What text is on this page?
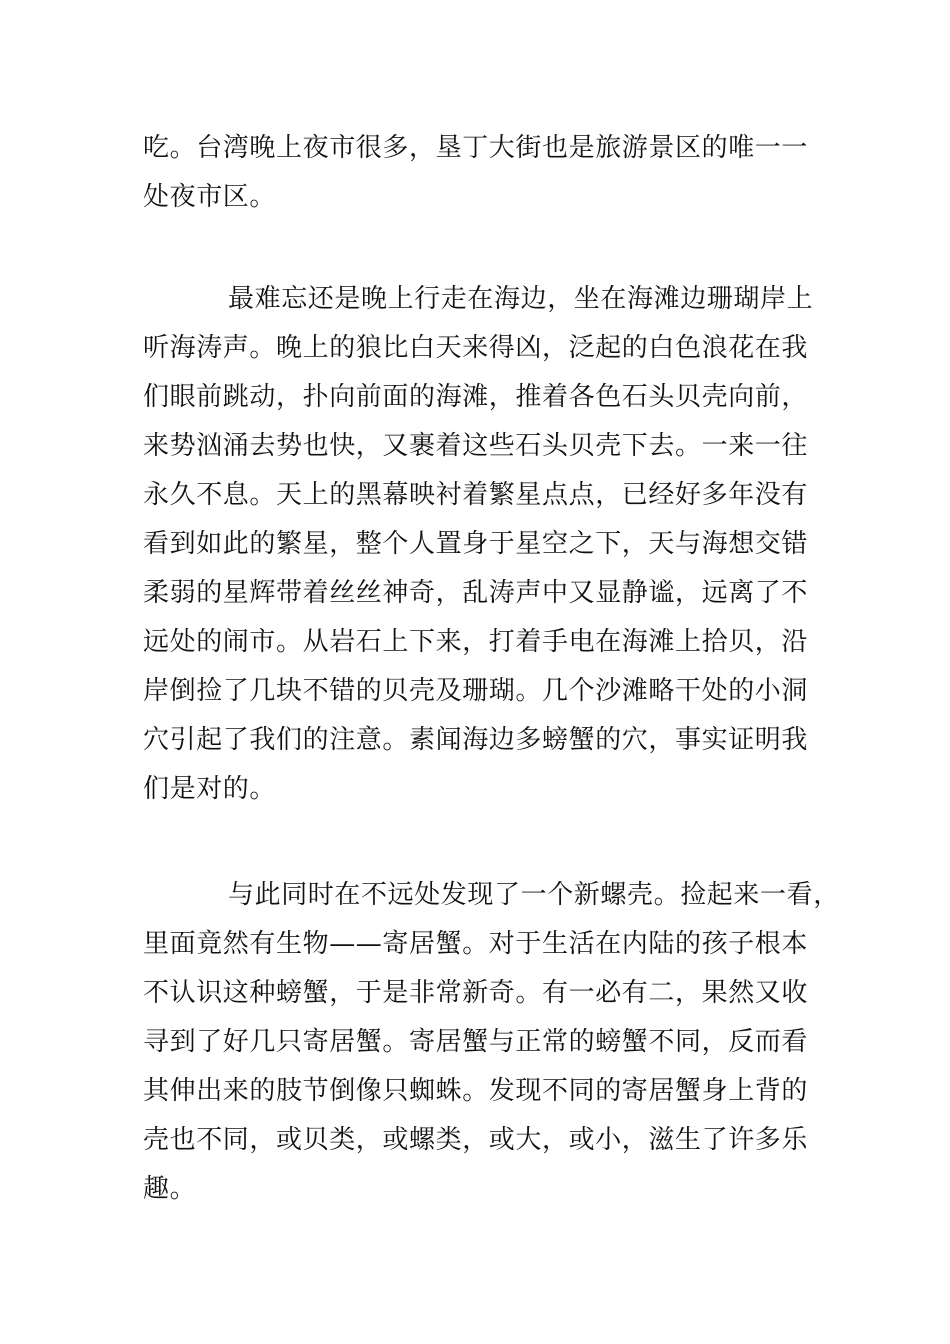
吃。台湾晚上夜市很多，垦丁大街也是旅游景区的唯一一
处夜市区。
最难忘还是晚上行走在海边，坐在海滩边珊瑚岸上
听海涛声。晚上的狼比白天来得凶，泛起的白色浪花在我
们眼前跳动，扑向前面的海滩，推着各色石头贝壳向前，
来势汹涌去势也快，又裹着这些石头贝壳下去。一来一往
永久不息。天上的黑幕映衬着繁星点点，已经好多年没有
看到如此的繁星，整个人置身于星空之下，天与海想交错
柔弱的星辉带着丝丝神奇，乱涛声中又显静谧，远离了不
远处的闹市。从岩石上下来，打着手电在海滩上拾贝，沿
岸倒捡了几块不错的贝壳及珊瑚。几个沙滩略干处的小洞
穴引起了我们的注意。素闻海边多螃蟹的穴，事实证明我
们是对的。
与此同时在不远处发现了一个新螺壳。捡起来一看，
里面竟然有生物——寄居蟹。对于生活在内陆的孩子根本
不认识这种螃蟹，于是非常新奇。有一必有二，果然又收
寻到了好几只寄居蟹。寄居蟹与正常的螃蟹不同，反而看
其伸出来的肢节倒像只蜘蛛。发现不同的寄居蟹身上背的
壳也不同，或贝类，或螺类，或大，或小，滋生了许多乐
趣。
